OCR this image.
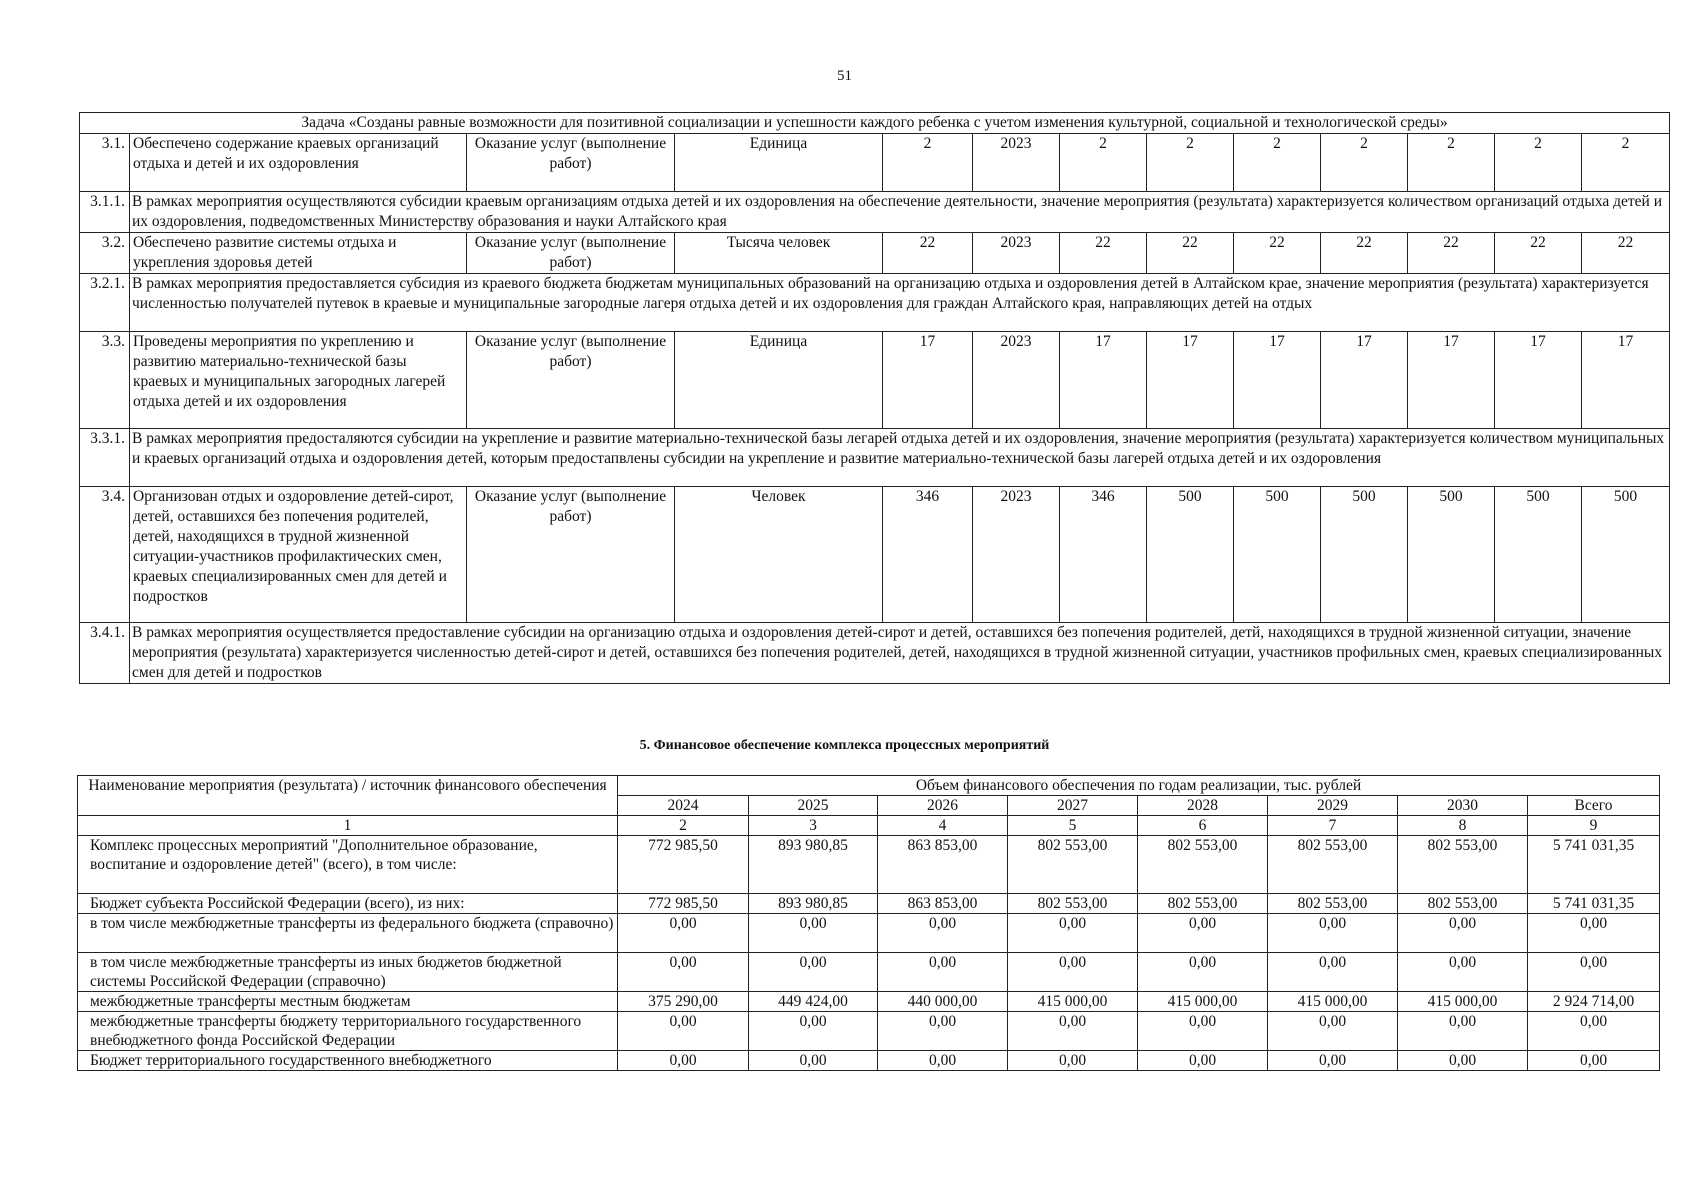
51
Задача «Созданы равные возможности для позитивной социализации и успешности каждого ребенка с учетом изменения культурной, социальной и технологической среды»												
3.1.	Обеспечено содержание краевых организаций отдыха и детей и их оздоровления	Оказание услуг (выполнение работ)	Единица	2	2023	2	2	2	2	2	2	2
3.1.1.	В рамках мероприятия осуществляются субсидии краевым организациям отдыха детей и их оздоровления на обеспечение деятельности, значение мероприятия (результата) характеризуется количеством организаций отдыха детей и их оздоровления, подведомственных Министерству образования и науки Алтайского края											
3.2.	Обеспечено развитие системы отдыха и укрепления здоровья детей	Оказание услуг (выполнение работ)	Тысяча человек	22	2023	22	22	22	22	22	22	22
3.2.1.	В рамках мероприятия предоставляется субсидия из краевого бюджета бюджетам муниципальных образований на организацию отдыха и оздоровления детей в Алтайском крае, значение мероприятия (результата) характеризуется численностью получателей путевок в краевые и муниципальные загородные лагеря отдыха детей и их оздоровления для граждан Алтайского края, направляющих детей на отдых											
3.3.	Проведены мероприятия по укреплению и развитию материально-технической базы краевых и муниципальных загородных лагерей отдыха детей и их оздоровления	Оказание услуг (выполнение работ)	Единица	17	2023	17	17	17	17	17	17	17
3.3.1.	В рамках мероприятия предосталяются субсидии на укрепление и развитие материально-технической базы легарей отдыха детей и их оздоровления, значение мероприятия (результата) характеризуется количеством муниципальных и краевых организаций отдыха и оздоровления детей, которым предостапвлены субсидии на укрепление и развитие материально-технической базы лагерей отдыха детей и их оздоровления											
3.4.	Организован отдых и оздоровление детей-сирот, детей, оставшихся без попечения родителей, детей, находящихся в трудной жизненной ситуации-участников профилактических смен, краевых специализированных смен для детей и подростков	Оказание услуг (выполнение работ)	Человек	346	2023	346	500	500	500	500	500	500
3.4.1.	В рамках мероприятия осуществляется предоставление субсидии на организацию отдыха и оздоровления детей-сирот и детей, оставшихся без попечения родителей, детй, находящихся в трудной жизненной ситуации, значение мероприятия (результата) характеризуется численностью детей-сирот и детей, оставшихся без попечения родителей, детей, находящихся в трудной жизненной ситуации, участников профильных смен, краевых специализированных смен для детей и подростков											
5. Финансовое обеспечение комплекса процессных мероприятий
Наименование мероприятия (результата) / источник финансового обеспечения	Объем финансового обеспечения по годам реализации, тыс. рублей							
	2024	2025	2026	2027	2028	2029	2030	Всего
1	2	3	4	5	6	7	8	9
Комплекс процессных мероприятий "Дополнительное образование, воспитание и оздоровление детей" (всего), в том числе:	772 985,50	893 980,85	863 853,00	802 553,00	802 553,00	802 553,00	802 553,00	5 741 031,35
Бюджет субъекта Российской Федерации (всего), из них:	772 985,50	893 980,85	863 853,00	802 553,00	802 553,00	802 553,00	802 553,00	5 741 031,35
в том числе межбюджетные трансферты из федерального бюджета (справочно)	0,00	0,00	0,00	0,00	0,00	0,00	0,00	0,00
в том числе межбюджетные трансферты из иных бюджетов бюджетной системы Российской Федерации (справочно)	0,00	0,00	0,00	0,00	0,00	0,00	0,00	0,00
межбюджетные трансферты местным бюджетам	375 290,00	449 424,00	440 000,00	415 000,00	415 000,00	415 000,00	415 000,00	2 924 714,00
межбюджетные трансферты бюджету территориального государственного внебюджетного фонда Российской Федерации	0,00	0,00	0,00	0,00	0,00	0,00	0,00	0,00
Бюджет территориального государственного внебюджетного	0,00	0,00	0,00	0,00	0,00	0,00	0,00	0,00
